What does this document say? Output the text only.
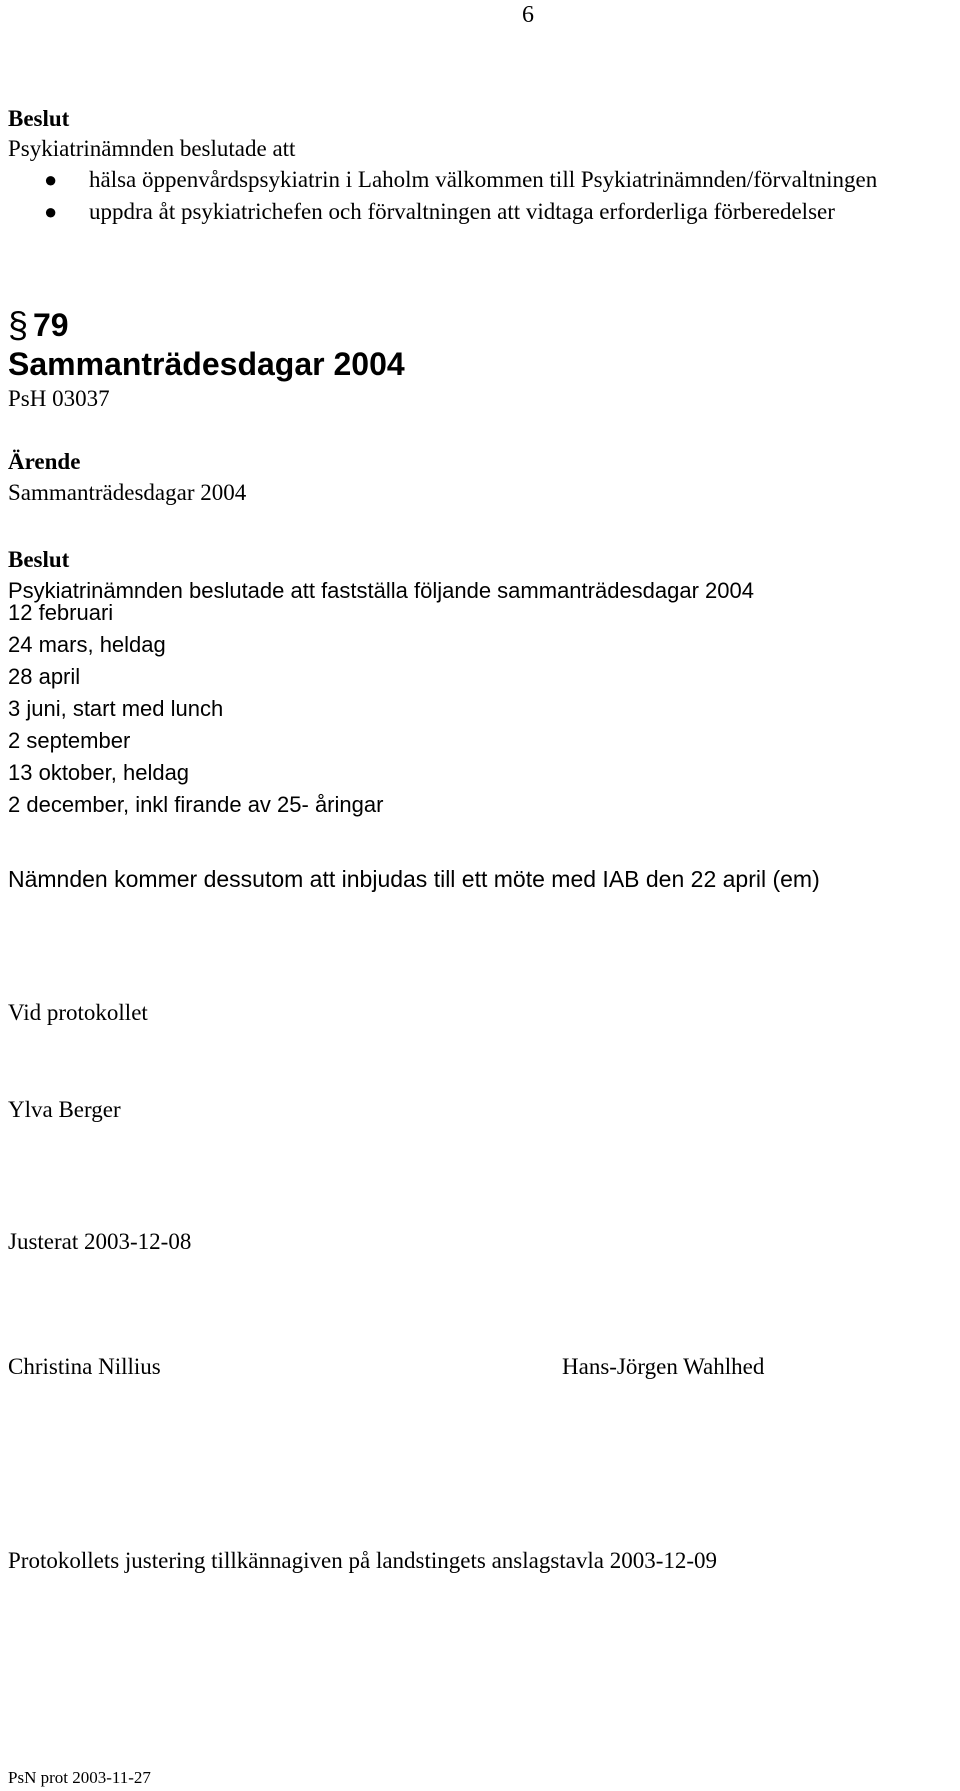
6
Beslut
Psykiatrinämnden beslutade att
● hälsa öppenvårdspsykiatrin i Laholm välkommen till Psykiatrinämnden/förvaltningen
● uppdra åt psykiatrichefen och förvaltningen att vidtaga erforderliga förberedelser
§ 79
Sammanträdesdagar 2004
PsH 03037
Ärende
Sammanträdesdagar 2004
Beslut
Psykiatrinämnden beslutade att fastställa följande sammanträdesdagar 2004
12 februari
24 mars, heldag
28 april
3 juni, start med lunch
2 september
13 oktober, heldag
2 december, inkl firande av 25- åringar
Nämnden kommer dessutom att inbjudas till ett möte med IAB den 22 april (em)
Vid protokollet
Ylva Berger
Justerat 2003-12-08
Christina Nillius	Hans-Jörgen Wahlhed
Protokollets justering tillkännagiven på landstingets anslagstavla 2003-12-09
PsN prot 2003-11-27
